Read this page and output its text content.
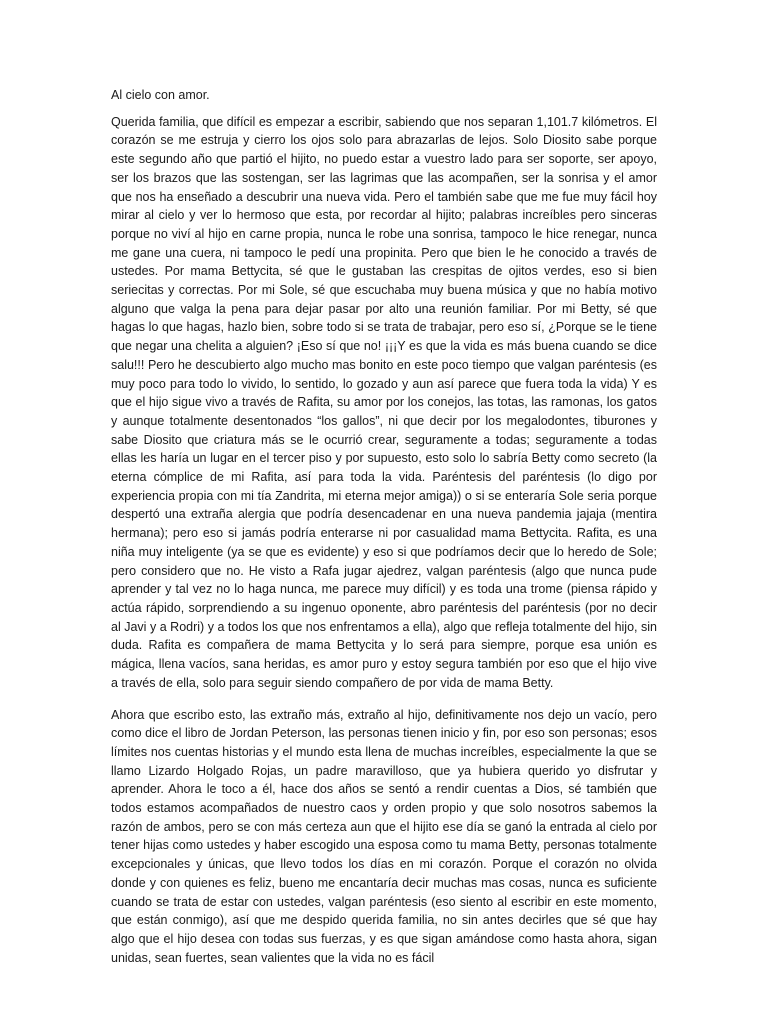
Al cielo con amor.

Querida familia, que difícil es empezar a escribir, sabiendo que nos separan 1,101.7 kilómetros. El corazón se me estruja y cierro los ojos solo para abrazarlas de lejos. Solo Diosito sabe porque este segundo año que partió el hijito, no puedo estar a vuestro lado para ser soporte, ser apoyo, ser los brazos que las sostengan, ser las lagrimas que las acompañen, ser la sonrisa y el amor que nos ha enseñado a descubrir una nueva vida. Pero el también sabe que me fue muy fácil hoy mirar al cielo y ver lo hermoso que esta, por recordar al hijito; palabras increíbles pero sinceras porque no viví al hijo en carne propia, nunca le robe una sonrisa, tampoco le hice renegar, nunca me gane una cuera, ni tampoco le pedí una propinita. Pero que bien le he conocido a través de ustedes. Por mama Bettycita, sé que le gustaban las crespitas de ojitos verdes, eso si bien seriecitas y correctas. Por mi Sole, sé que escuchaba muy buena música y que no había motivo alguno que valga la pena para dejar pasar por alto una reunión familiar. Por mi Betty, sé que hagas lo que hagas, hazlo bien, sobre todo si se trata de trabajar, pero eso sí, ¿Porque se le tiene que negar una chelita a alguien? ¡Eso sí que no! ¡¡¡Y es que la vida es más buena cuando se dice salu!!! Pero he descubierto algo mucho mas bonito en este poco tiempo que valgan paréntesis (es muy poco para todo lo vivido, lo sentido, lo gozado y aun así parece que fuera toda la vida) Y es que el hijo sigue vivo a través de Rafita, su amor por los conejos, las totas, las ramonas, los gatos y aunque totalmente desentonados “los gallos”, ni que decir por los megalodontes, tiburones y sabe Diosito que criatura más se le ocurrió crear, seguramente a todas; seguramente a todas ellas les haría un lugar en el tercer piso y por supuesto, esto solo lo sabría Betty como secreto (la eterna cómplice de mi Rafita, así para toda la vida. Paréntesis del paréntesis (lo digo por experiencia propia con mi tía Zandrita, mi eterna mejor amiga)) o si se enteraría Sole seria porque despertó una extraña alergia que podría desencadenar en una nueva pandemia jajaja (mentira hermana); pero eso si jamás podría enterarse ni por casualidad mama Bettycita. Rafita, es una niña muy inteligente (ya se que es evidente) y eso si que podríamos decir que lo heredo de Sole; pero considero que no. He visto a Rafa jugar ajedrez, valgan paréntesis (algo que nunca pude aprender y tal vez no lo haga nunca, me parece muy difícil) y es toda una trome (piensa rápido y actúa rápido, sorprendiendo a su ingenuo oponente, abro paréntesis del paréntesis (por no decir al Javi y a Rodri) y a todos los que nos enfrentamos a ella), algo que refleja totalmente del hijo, sin duda. Rafita es compañera de mama Bettycita y lo será para siempre, porque esa unión es mágica, llena vacíos, sana heridas, es amor puro y estoy segura también por eso que el hijo vive a través de ella, solo para seguir siendo compañero de por vida de mama Betty.

Ahora que escribo esto, las extraño más, extraño al hijo, definitivamente nos dejo un vacío, pero como dice el libro de Jordan Peterson, las personas tienen inicio y fin, por eso son personas; esos límites nos cuentas historias y el mundo esta llena de muchas increíbles, especialmente la que se llamo Lizardo Holgado Rojas, un padre maravilloso, que ya hubiera querido yo disfrutar y aprender. Ahora le toco a él, hace dos años se sentó a rendir cuentas a Dios, sé también que todos estamos acompañados de nuestro caos y orden propio y que solo nosotros sabemos la razón de ambos, pero se con más certeza aun que el hijito ese día se ganó la entrada al cielo por tener hijas como ustedes y haber escogido una esposa como tu mama Betty, personas totalmente excepcionales y únicas, que llevo todos los días en mi corazón. Porque el corazón no olvida donde y con quienes es feliz, bueno me encantaría decir muchas mas cosas, nunca es suficiente cuando se trata de estar con ustedes, valgan paréntesis (eso siento al escribir en este momento, que están conmigo), así que me despido querida familia, no sin antes decirles que sé que hay algo que el hijo desea con todas sus fuerzas, y es que sigan amándose como hasta ahora, sigan unidas, sean fuertes, sean valientes que la vida no es fácil
